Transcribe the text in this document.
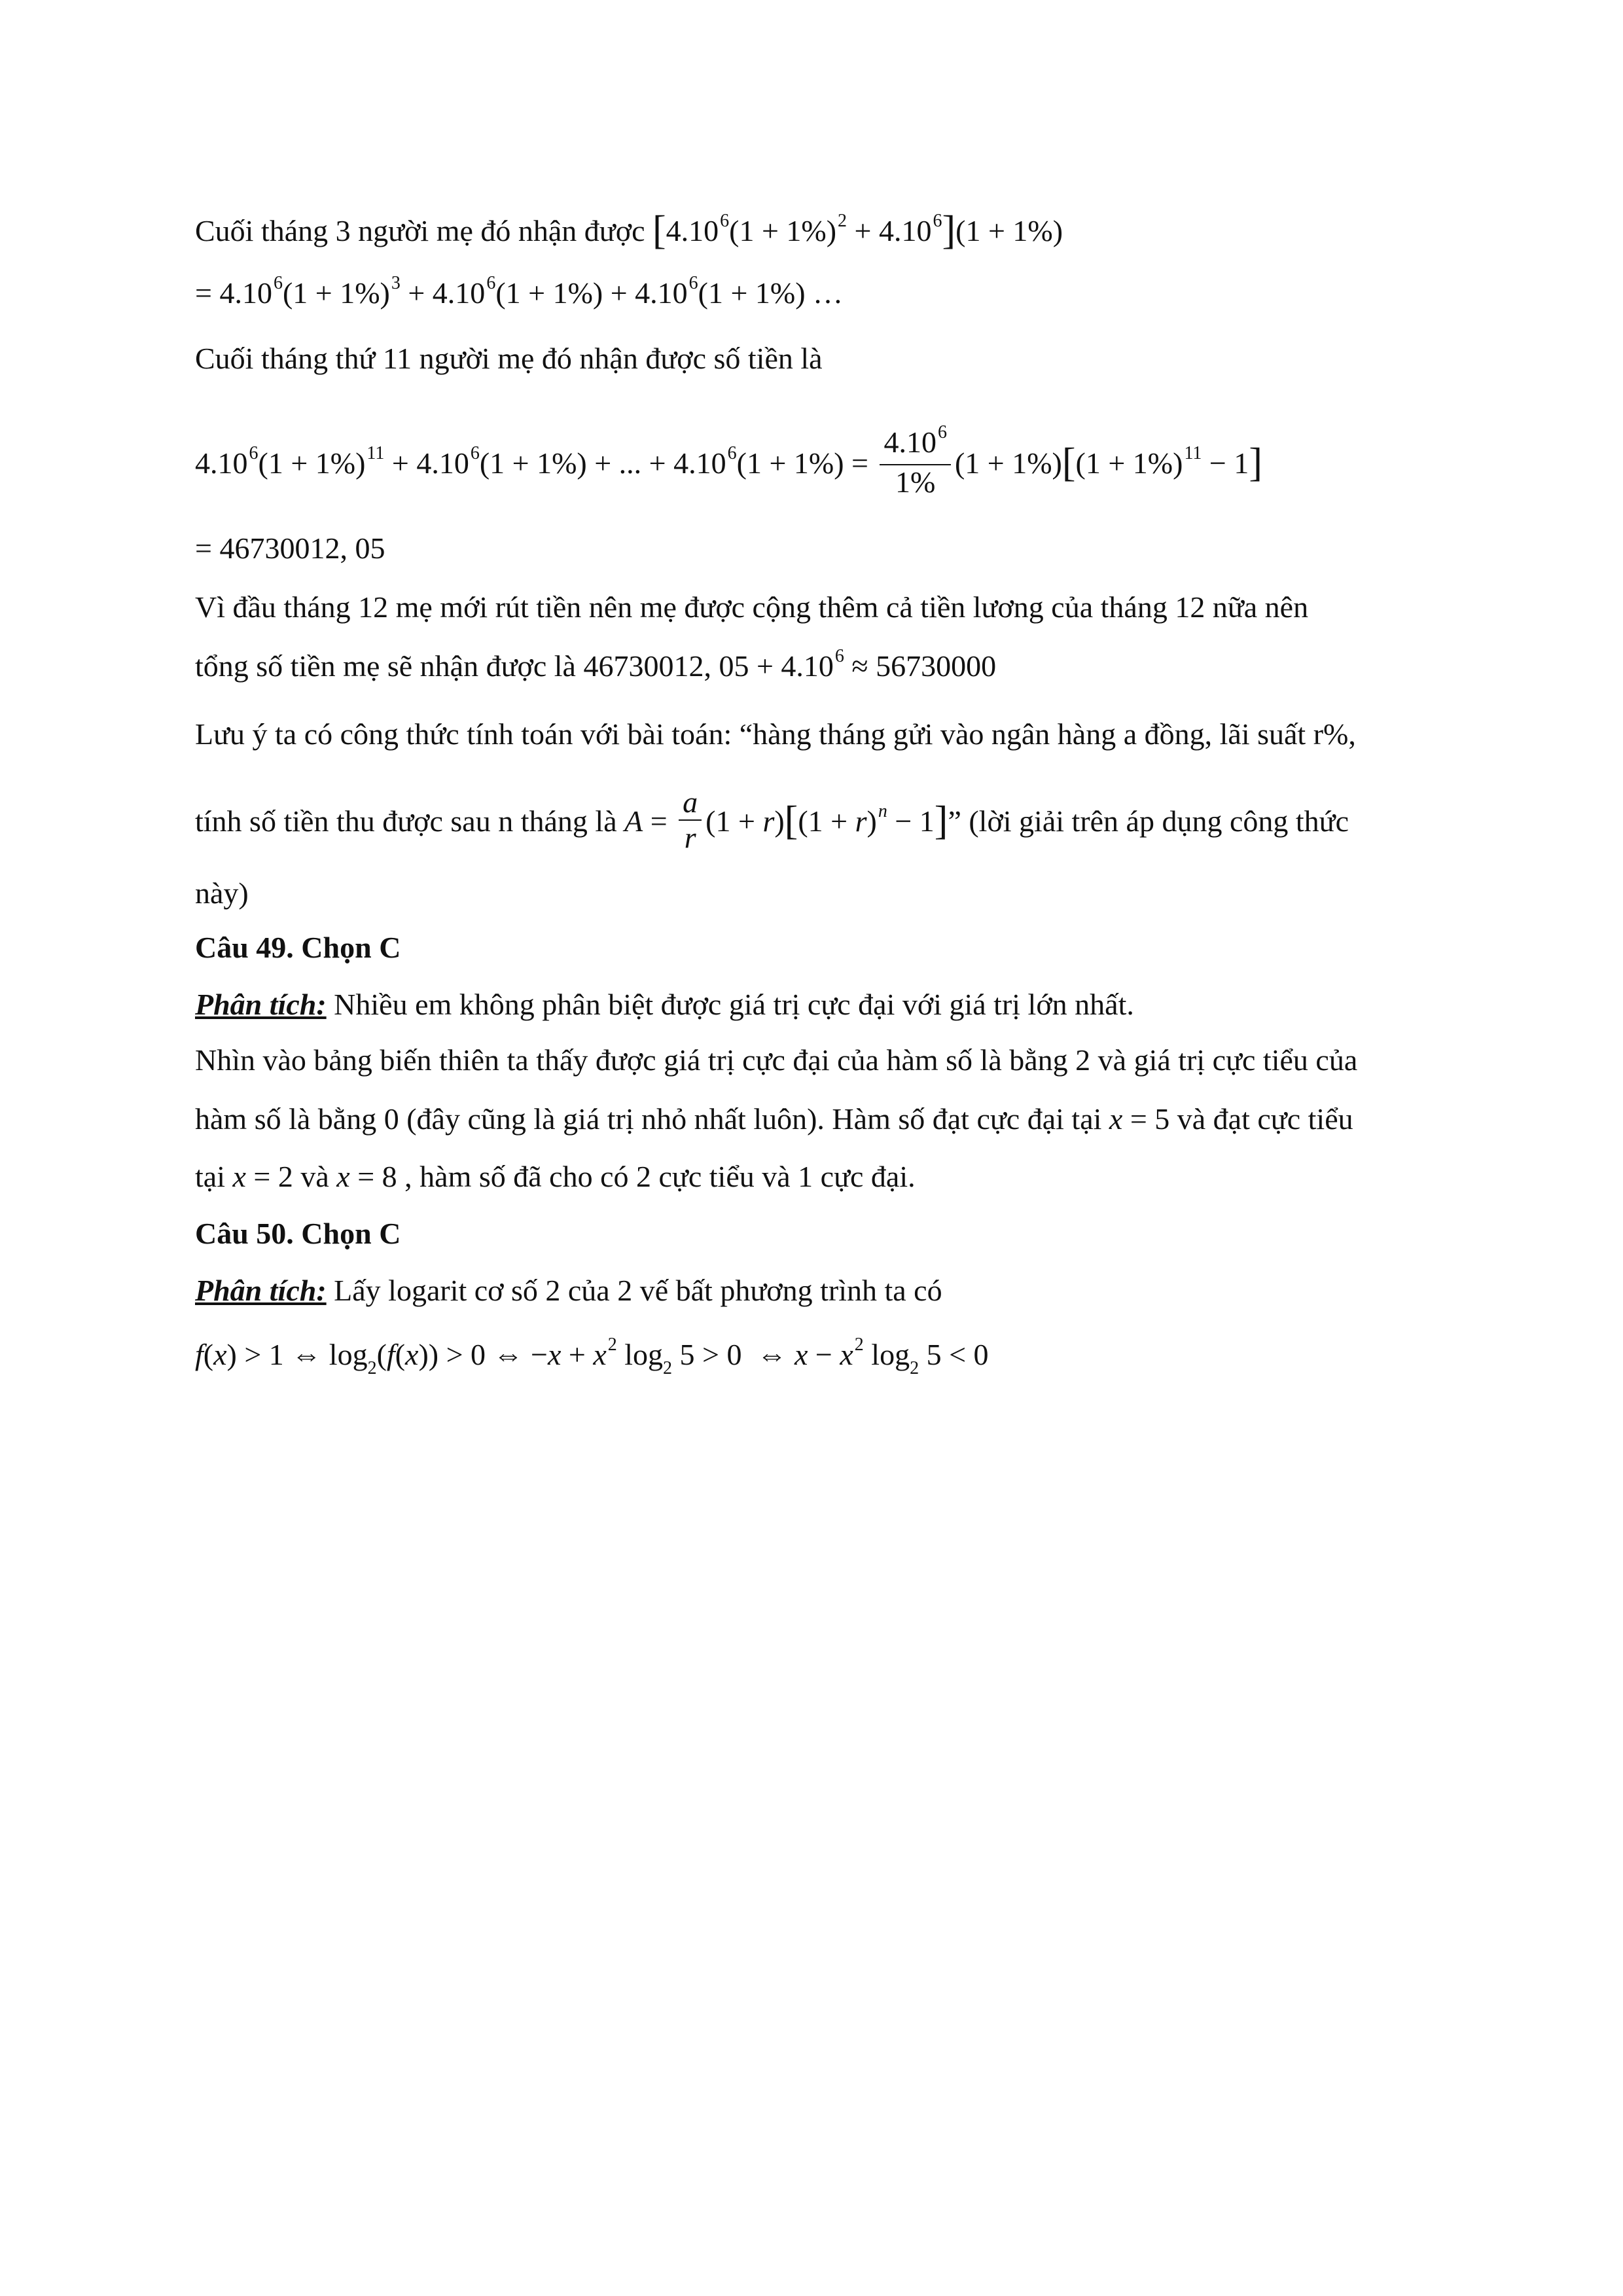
Cuối tháng 3 người mẹ đó nhận được $[4.10^6(1 + 1\%)^2 + 4.10^6](1 + 1\%)$
= $4.10^6(1 + 1\%)^3 + 4.10^6(1 + 1\%) + 4.10^6(1 + 1\%)$ …
Cuối tháng thứ 11 người mẹ đó nhận được số tiền là
$4.10^6(1 + 1\%)^{11} + 4.10^6(1 + 1\%)$ + ... + $4.10^6(1 + 1\%) = \frac{4.10^6}{1\%} (1 + 1\%)[(1 + 1\%)^{11} - 1]$
= 46730012, 05
Vì đầu tháng 12 mẹ mới rút tiền nên mẹ được cộng thêm cả tiền lương của tháng 12 nữa nên
tổng số tiền mẹ sẽ nhận được là 46730012, $05 + 4.10^6 \approx 56730000$
Lưu ý ta có công thức tính toán với bài toán: “hàng tháng gửi vào ngân hàng a đồng, lãi suất r%,
tính số tiền thu được sau n tháng là $A = \frac{a}{r} (1 + r)[(1 + r)^n - 1]$” (lời giải trên áp dụng công thức
này)
Câu 49. Chọn C
Phân tích: Nhiều em không phân biệt được giá trị cực đại với giá trị lớn nhất.
Nhìn vào bảng biến thiên ta thấy được giá trị cực đại của hàm số là bằng 2 và giá trị cực tiểu của
hàm số là bằng 0 (đây cũng là giá trị nhỏ nhất luôn). Hàm số đạt cực đại tại x = 5 và đạt cực tiểu
tại x = 2 và x = 8 , hàm số đã cho có 2 cực tiểu và 1 cực đại.
Câu 50. Chọn C
Phân tích: Lấy logarit cơ số 2 của 2 vế bất phương trình ta có
f(x) > 1 ⇔ $\log_2(f(x)) > 0$ ⇔ $-x + x^2$ $\log_2 5 > 0$  ⇔ $x - x^2$ $\log_2 5 < 0$
